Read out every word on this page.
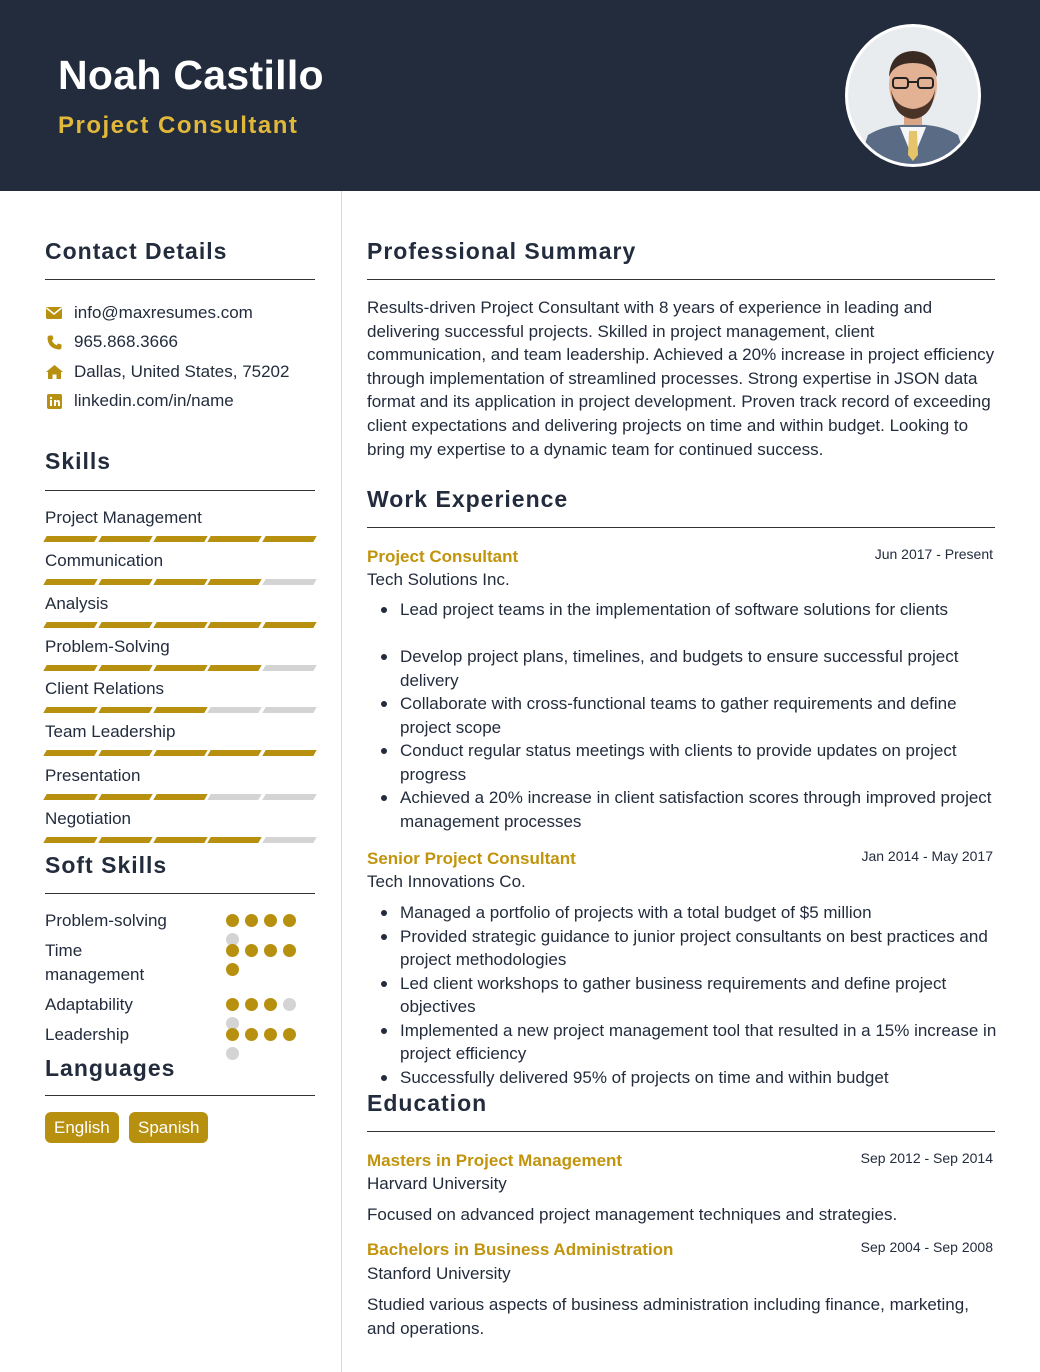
Noah Castillo
Project Consultant
Contact Details
info@maxresumes.com
965.868.3666
Dallas, United States, 75202
linkedin.com/in/name
Skills
Project Management
Communication
Analysis
Problem-Solving
Client Relations
Team Leadership
Presentation
Negotiation
Soft Skills
Problem-solving
Time management
Adaptability
Leadership
Languages
English	Spanish
Professional Summary
Results-driven Project Consultant with 8 years of experience in leading and delivering successful projects. Skilled in project management, client communication, and team leadership. Achieved a 20% increase in project efficiency through implementation of streamlined processes. Strong expertise in JSON data format and its application in project development. Proven track record of exceeding client expectations and delivering projects on time and within budget. Looking to bring my expertise to a dynamic team for continued success.
Work Experience
Project Consultant	Jun 2017 - Present
Tech Solutions Inc.
Lead project teams in the implementation of software solutions for clients
Develop project plans, timelines, and budgets to ensure successful project delivery
Collaborate with cross-functional teams to gather requirements and define project scope
Conduct regular status meetings with clients to provide updates on project progress
Achieved a 20% increase in client satisfaction scores through improved project management processes
Senior Project Consultant	Jan 2014 - May 2017
Tech Innovations Co.
Managed a portfolio of projects with a total budget of $5 million
Provided strategic guidance to junior project consultants on best practices and project methodologies
Led client workshops to gather business requirements and define project objectives
Implemented a new project management tool that resulted in a 15% increase in project efficiency
Successfully delivered 95% of projects on time and within budget
Education
Masters in Project Management	Sep 2012 - Sep 2014
Harvard University
Focused on advanced project management techniques and strategies.
Bachelors in Business Administration	Sep 2004 - Sep 2008
Stanford University
Studied various aspects of business administration including finance, marketing, and operations.
